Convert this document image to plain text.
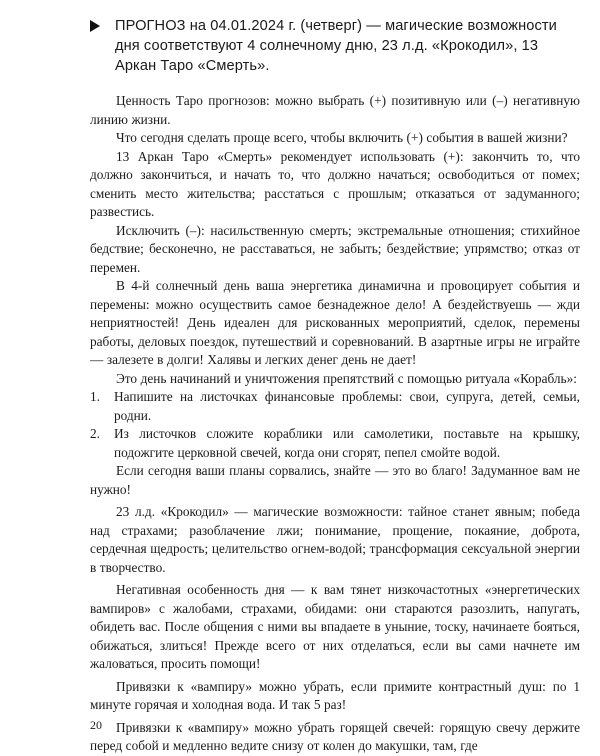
ПРОГНОЗ на 04.01.2024 г. (четверг) — магические возможности дня соответствуют 4 солнечному дню, 23 л.д. «Крокодил», 13 Аркан Таро «Смерть».

Ценность Таро прогнозов: можно выбрать (+) позитивную или (–) негативную линию жизни.

Что сегодня сделать проще всего, чтобы включить (+) события в вашей жизни?

13 Аркан Таро «Смерть» рекомендует использовать (+): закончить то, что должно закончиться, и начать то, что должно начаться; освободиться от помех; сменить место жительства; расстаться с прошлым; отказаться от задуманного; развестись.

Исключить (–): насильственную смерть; экстремальные отношения; стихийное бедствие; бесконечно, не расставаться, не забыть; бездействие; упрямство; отказ от перемен.

В 4-й солнечный день ваша энергетика динамична и провоцирует события и перемены: можно осуществить самое безнадежное дело! А бездействуешь — жди неприятностей! День идеален для рискованных мероприятий, сделок, перемены работы, деловых поездок, путешествий и соревнований. В азартные игры не играйте — залезете в долги! Халявы и легких денег день не дает!

Это день начинаний и уничтожения препятствий с помощью ритуала «Корабль»:

1. Напишите на листочках финансовые проблемы: свои, супруга, детей, семьи, родни.
2. Из листочков сложите кораблики или самолетики, поставьте на крышку, подожгите церковной свечей, когда они сгорят, пепел смойте водой.

Если сегодня ваши планы сорвались, знайте — это во благо! Задуманное вам не нужно!

23 л.д. «Крокодил» — магические возможности: тайное станет явным; победа над страхами; разоблачение лжи; понимание, прощение, покаяние, доброта, сердечная щедрость; целительство огнем-водой; трансформация сексуальной энергии в творчество.

Негативная особенность дня — к вам тянет низкочастотных «энергетических вампиров» с жалобами, страхами, обидами: они стараются разозлить, напугать, обидеть вас. После общения с ними вы впадаете в уныние, тоску, начинаете бояться, обижаться, злиться! Прежде всего от них отделаться, если вы сами начнете им жаловаться, просить помощи!

Привязки к «вампиру» можно убрать, если примите контрастный душ: по 1 минуте горячая и холодная вода. И так 5 раз!

Привязки к «вампиру» можно убрать горящей свечей: горящую свечу держите перед собой и медленно ведите снизу от колен до макушки, там, где

20
